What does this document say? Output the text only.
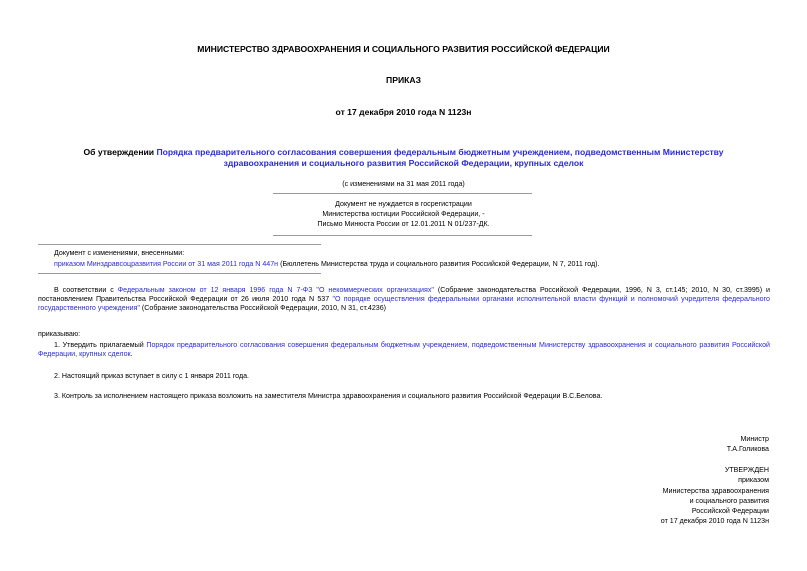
МИНИСТЕРСТВО ЗДРАВООХРАНЕНИЯ И СОЦИАЛЬНОГО РАЗВИТИЯ РОССИЙСКОЙ ФЕДЕРАЦИИ
ПРИКАЗ
от 17 декабря 2010 года N 1123н
Об утверждении Порядка предварительного согласования совершения федеральным бюджетным учреждением, подведомственным Министерству
здравоохранения и социального развития Российской Федерации, крупных сделок
(с изменениями на 31 мая 2011 года)
Документ не нуждается в госрегистрации
Министерства юстиции Российской Федерации, -
Письмо Минюста России от 12.01.2011 N 01/237-ДК.
Документ с изменениями, внесенными:
приказом Минздравсоцразвития России от 31 мая 2011 года N 447н (Бюллетень Министерства труда и социального развития Российской Федерации, N 7, 2011 год).
В соответствии с Федеральным законом от 12 января 1996 года N 7-ФЗ "О некоммерческих организациях" (Собрание законодательства Российской Федерации, 1996, N 3, ст.145; 2010, N 30, ст.3995) и постановлением Правительства Российской Федерации от 26 июля 2010 года N 537 "О порядке осуществления федеральными органами исполнительной власти функций и полномочий учредителя федерального государственного учреждения" (Собрание законодательства Российской Федерации, 2010, N 31, ст.4236)
приказываю:
1. Утвердить прилагаемый Порядок предварительного согласования совершения федеральным бюджетным учреждением, подведомственным Министерству здравоохранения и социального развития Российской Федерации, крупных сделок.
2. Настоящий приказ вступает в силу с 1 января 2011 года.
3. Контроль за исполнением настоящего приказа возложить на заместителя Министра здравоохранения и социального развития Российской Федерации В.С.Белова.
Министр
Т.А.Голикова
УТВЕРЖДЕН
приказом
Министерства здравоохранения
и социального развития
Российской Федерации
от 17 декабря 2010 года N 1123н
